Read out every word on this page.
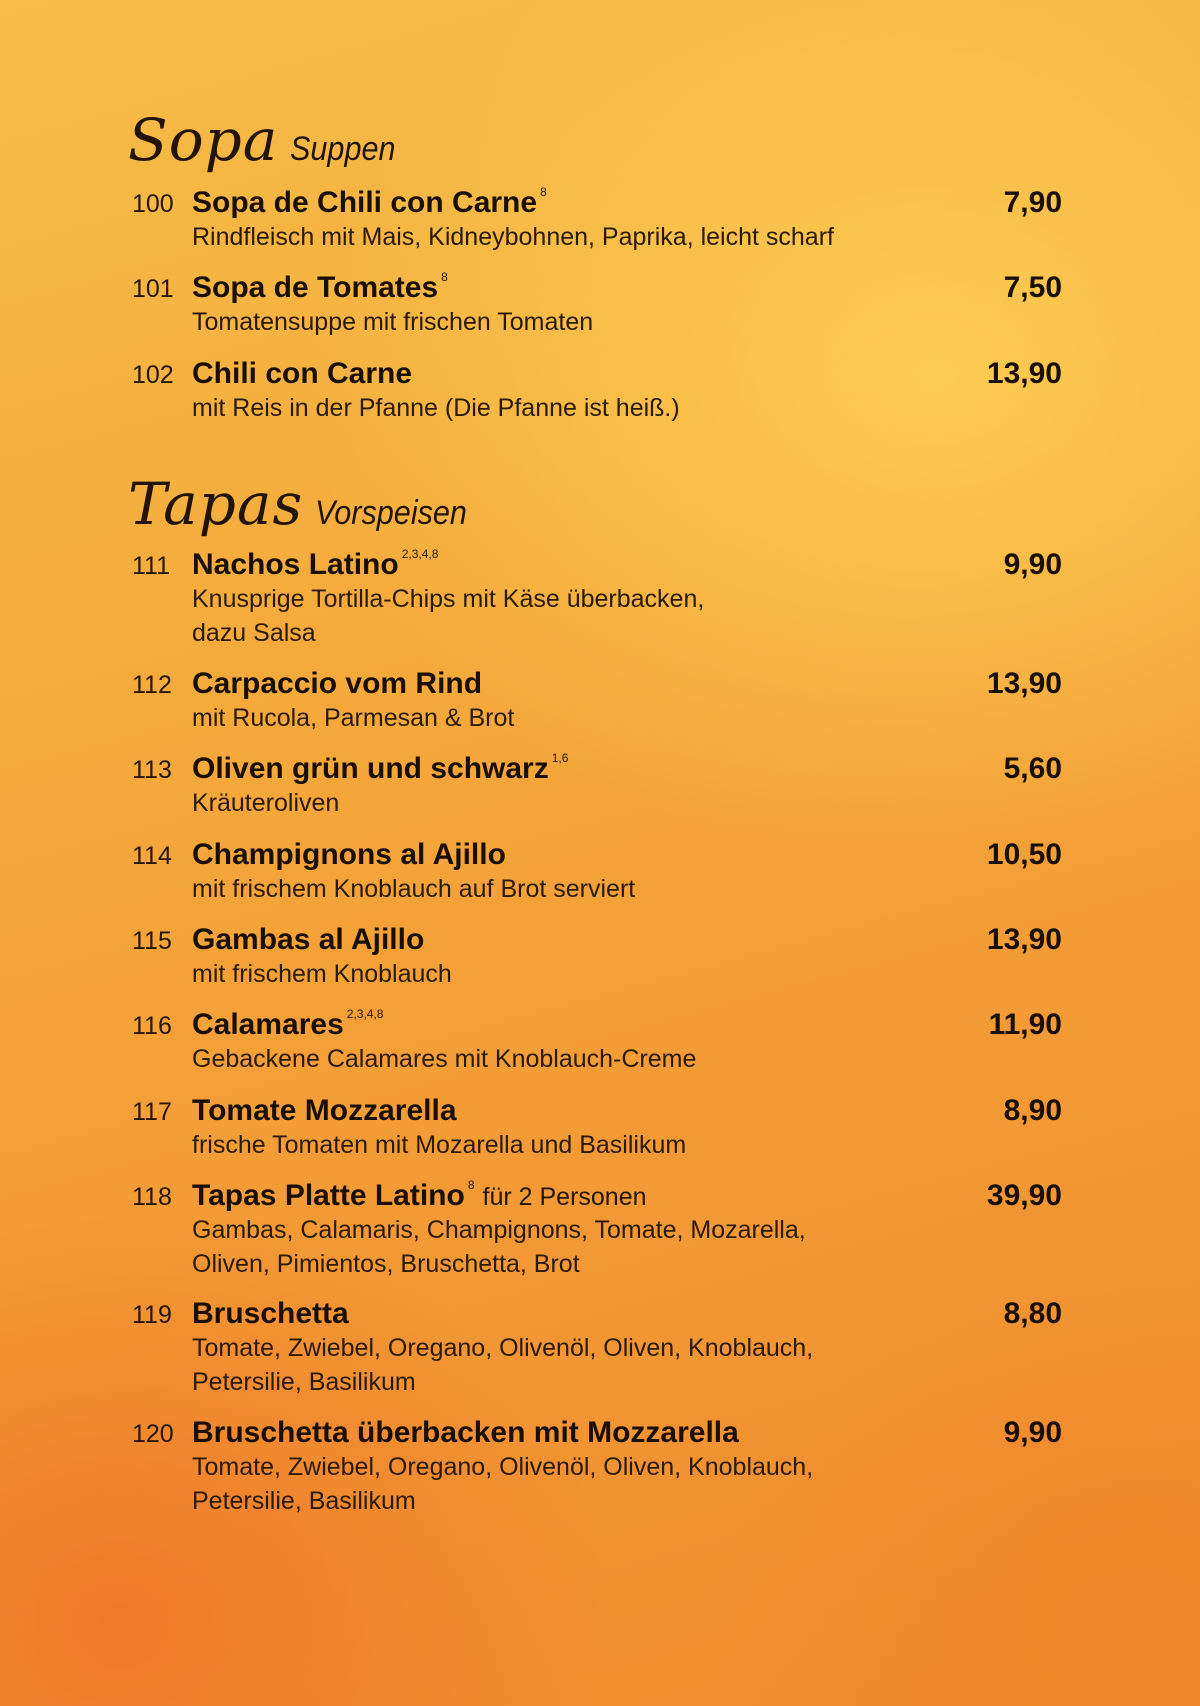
Sopa Suppen
100 Sopa de Chili con Carne 8	7,90
Rindfleisch mit Mais, Kidneybohnen, Paprika, leicht scharf
101 Sopa de Tomates 8	7,50
Tomatensuppe mit frischen Tomaten
102 Chili con Carne	13,90
mit Reis in der Pfanne (Die Pfanne ist heiß.)
Tapas Vorspeisen
111 Nachos Latino 2,3,4,8	9,90
Knusprige Tortilla-Chips mit Käse überbacken,
dazu Salsa
112 Carpaccio vom Rind	13,90
mit Rucola, Parmesan & Brot
113 Oliven grün und schwarz 1,6	5,60
Kräuteroliven
114 Champignons al Ajillo	10,50
mit frischem Knoblauch auf Brot serviert
115 Gambas al Ajillo	13,90
mit frischem Knoblauch
116 Calamares 2,3,4,8	11,90
Gebackene Calamares mit Knoblauch-Creme
117 Tomate Mozzarella	8,90
frische Tomaten mit Mozarella und Basilikum
118 Tapas Platte Latino 8 für 2 Personen	39,90
Gambas, Calamaris, Champignons, Tomate, Mozarella,
Oliven, Pimientos, Bruschetta, Brot
119 Bruschetta	8,80
Tomate, Zwiebel, Oregano, Olivenöl, Oliven, Knoblauch,
Petersilie, Basilikum
120 Bruschetta überbacken mit Mozzarella	9,90
Tomate, Zwiebel, Oregano, Olivenöl, Oliven, Knoblauch,
Petersilie, Basilikum
